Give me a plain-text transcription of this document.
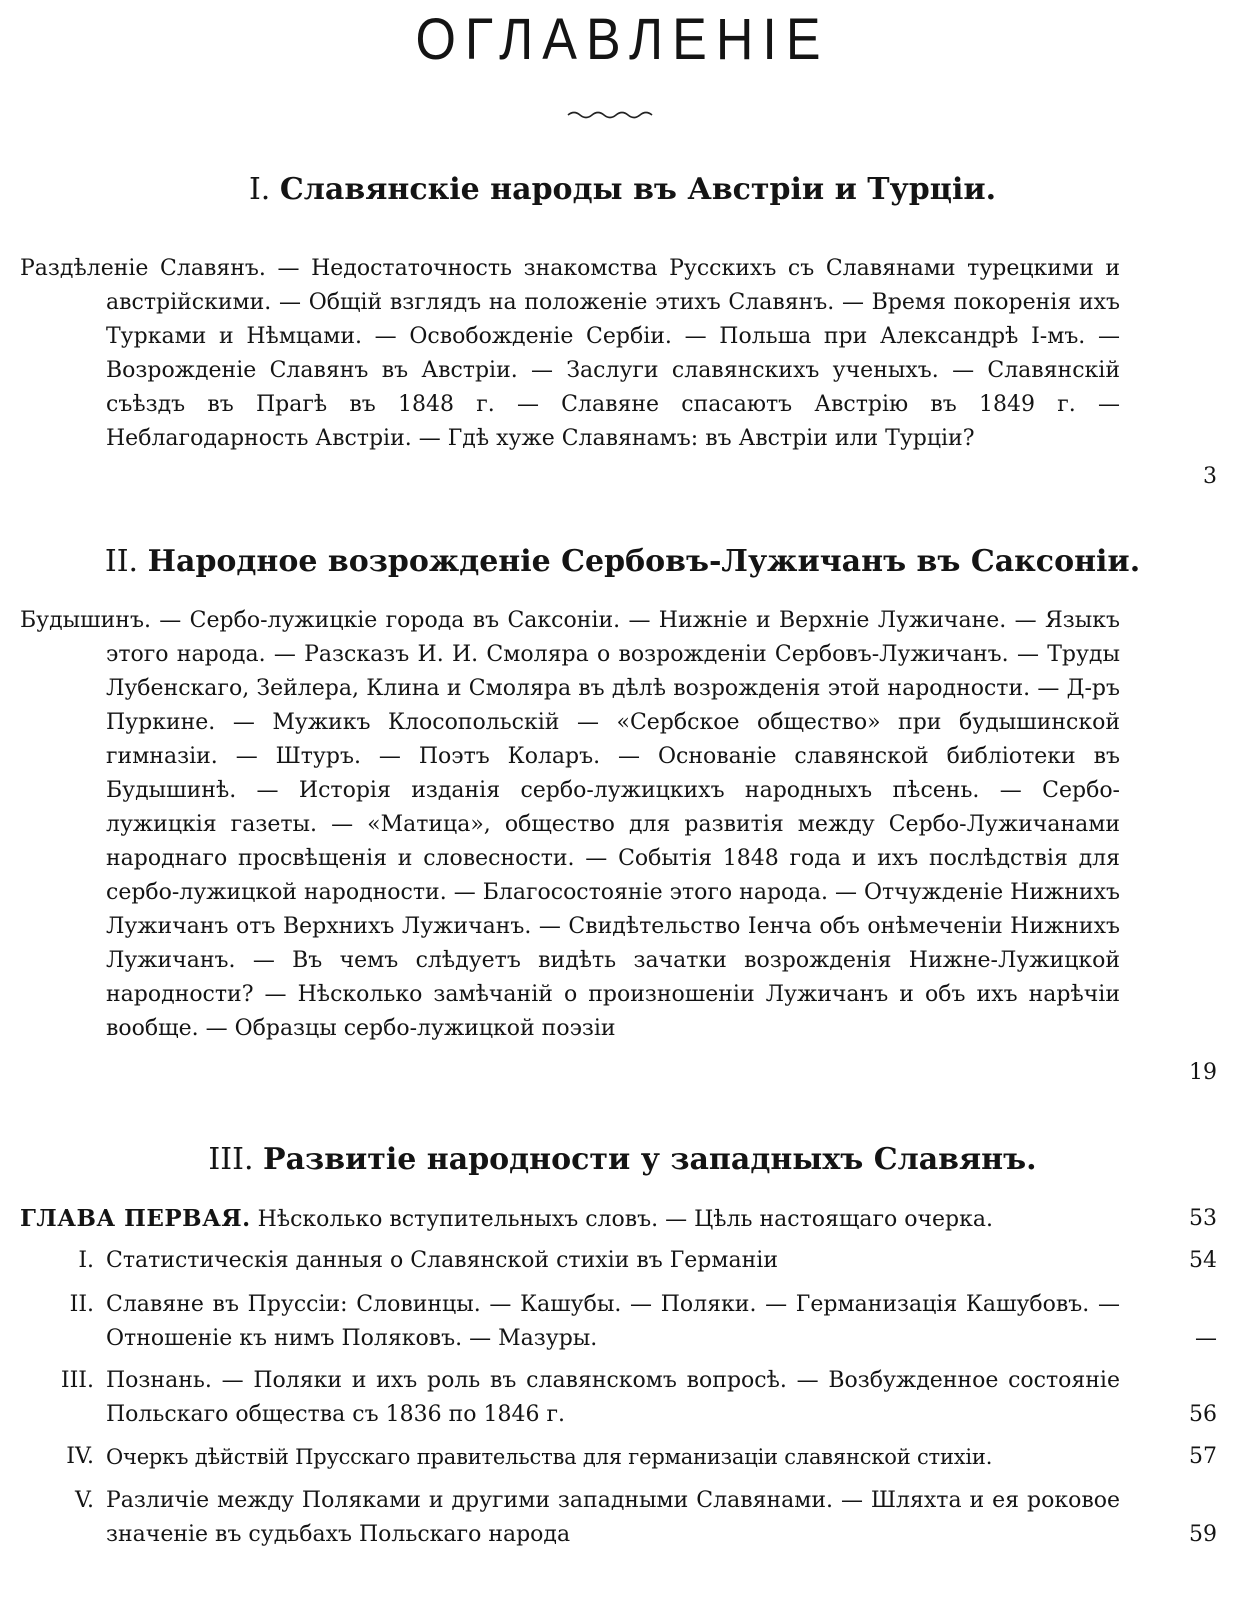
ОГЛАВЛЕНІЕ
I. Славянскіе народы въ Австріи и Турціи.
Раздѣленіе Славянъ. — Недостаточность знакомства Русскихъ съ Славянами турецкими и австрійскими. — Общій взглядъ на положеніе этихъ Славянъ. — Время покоренія ихъ Турками и Нѣмцами. — Освобожденіе Сербіи. — Польша при Александрѣ I-мъ. — Возрожденіе Славянъ въ Австріи. — Заслуги славянскихъ ученыхъ. — Славянскій съѣздъ въ Прагѣ въ 1848 г. — Славяне спасаютъ Австрію въ 1849 г. — Неблагодарность Австріи. — Гдѣ хуже Славянамъ: въ Австріи или Турціи?
3
II. Народное возрожденіе Сербовъ-Лужичанъ въ Саксоніи.
Будышинъ. — Сербо-лужицкіе города въ Саксоніи. — Нижніе и Верхніе Лужичане. — Языкъ этого народа. — Разсказъ И. И. Смоляра о возрожденіи Сербовъ-Лужичанъ. — Труды Лубенскаго, Зейлера, Клина и Смоляра въ дѣлѣ возрожденія этой народности. — Д-ръ Пуркине. — Мужикъ Клосопольскій — «Сербское общество» при будышинской гимназіи. — Штуръ. — Поэтъ Коларъ. — Основаніе славянской библіотеки въ Будышинѣ. — Исторія изданія сербо-лужицкихъ народныхъ пѣсень. — Сербо-лужицкія газеты. — «Матица», общество для развитія между Сербо-Лужичанами народнаго просвѣщенія и словесности. — Событія 1848 года и ихъ послѣдствія для сербо-лужицкой народности. — Благосостояніе этого народа. — Отчужденіе Нижнихъ Лужичанъ отъ Верхнихъ Лужичанъ. — Свидѣтельство Іенча объ онѣмеченіи Нижнихъ Лужичанъ. — Въ чемъ слѣдуетъ видѣть зачатки возрожденія Нижне-Лужицкой народности? — Нѣсколько замѣчаній о произношеніи Лужичанъ и объ ихъ нарѣчіи вообще. — Образцы сербо-лужицкой поэзіи
19
III. Развитіе народности у западныхъ Славянъ.
ГЛАВА ПЕРВАЯ. Нѣсколько вступительныхъ словъ. — Цѣль настоящаго очерка.	53
I. Статистическія данныя о Славянской стихіи въ Германіи	54
II. Славяне въ Пруссіи: Словинцы. — Кашубы. — Поляки. — Германизація Кашубовъ. — Отношеніе къ нимъ Поляковъ. — Мазуры.	—
III. Познань. — Поляки и ихъ роль въ славянскомъ вопросѣ. — Возбужденное состояніе Польскаго общества съ 1836 по 1846 г.	56
IV. Очеркъ дѣйствій Прусскаго правительства для германизаціи славянской стихіи.	57
V. Различіе между Поляками и другими западными Славянами. — Шляхта и ея роковое значеніе въ судьбахъ Польскаго народа	59
